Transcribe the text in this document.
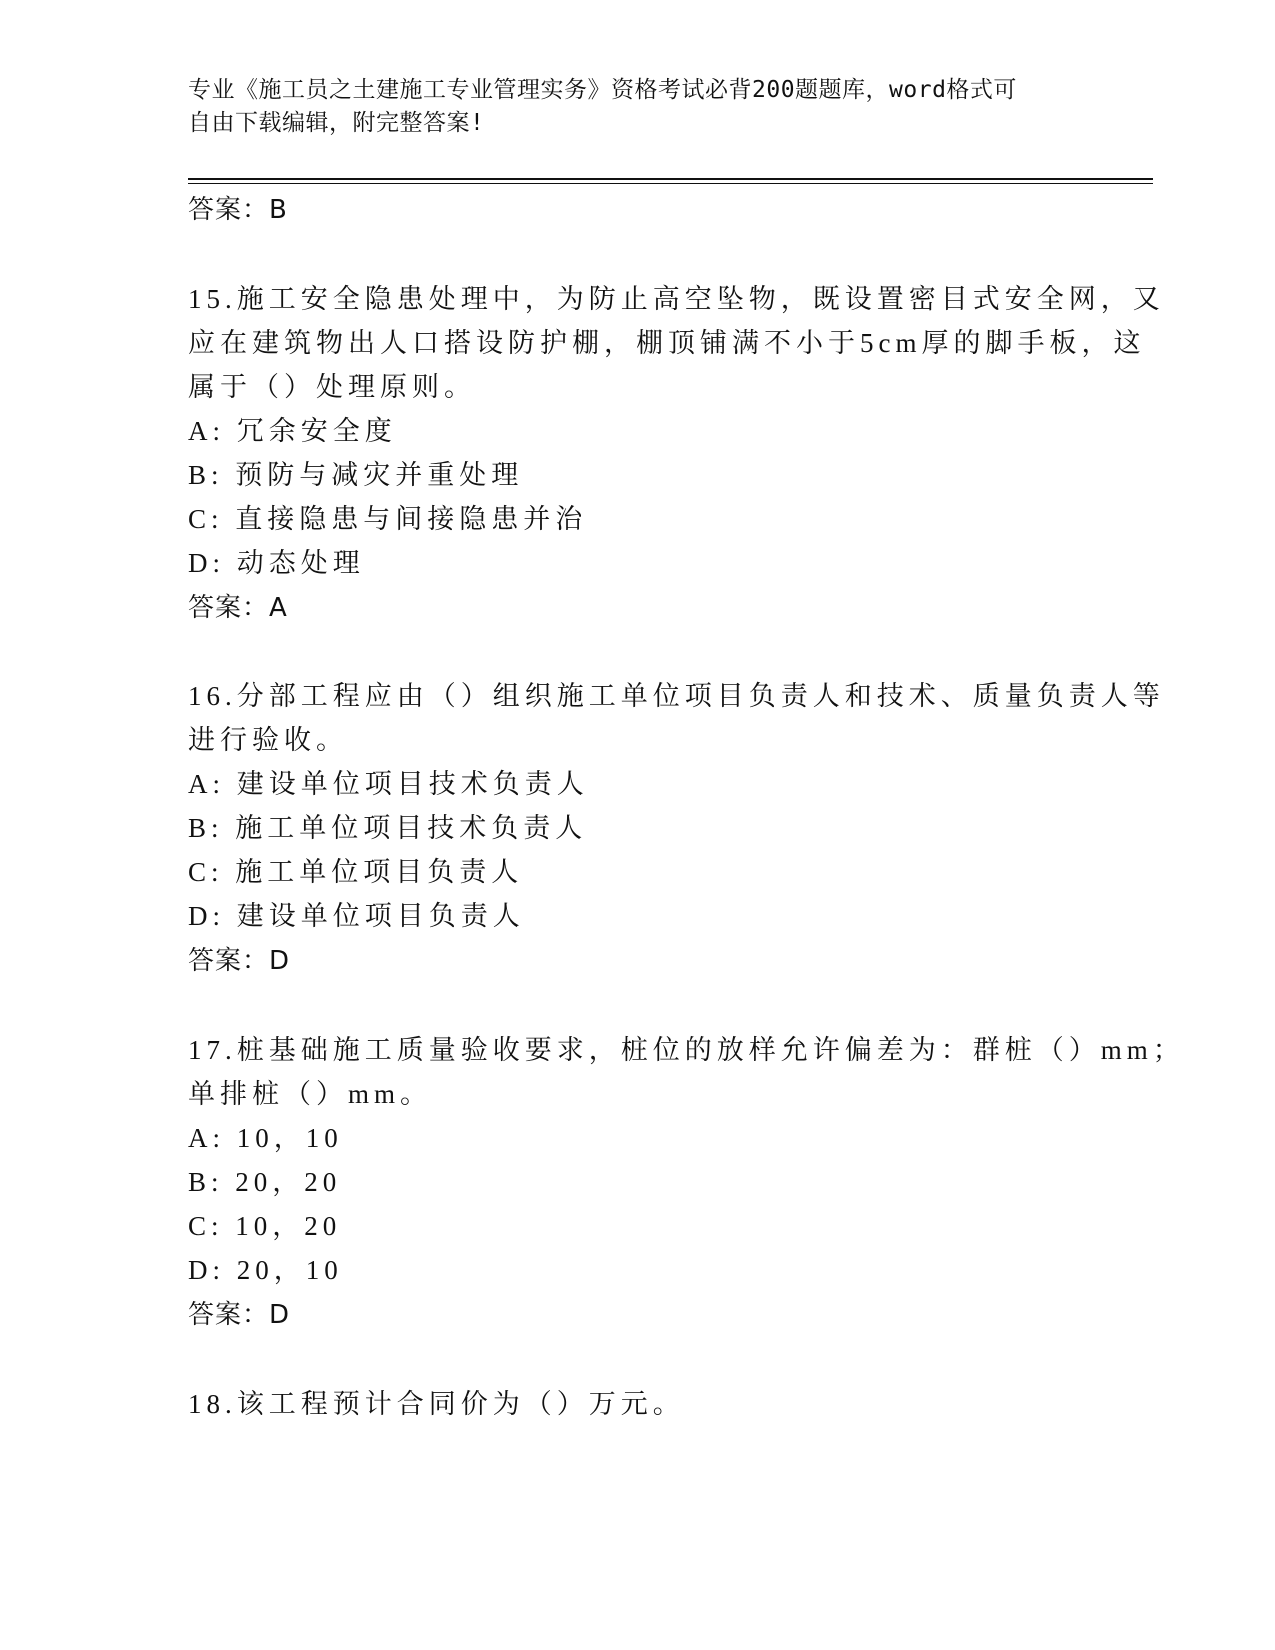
专业《施工员之土建施工专业管理实务》资格考试必背200题题库，word格式可
自由下载编辑，附完整答案!
答案：B
15.施工安全隐患处理中，为防止高空坠物，既设置密目式安全网，又
应在建筑物出人口搭设防护棚，棚顶铺满不小于5cm厚的脚手板，这
属于（）处理原则。
A: 冗余安全度
B: 预防与减灾并重处理
C: 直接隐患与间接隐患并治
D: 动态处理
答案：A
16.分部工程应由（）组织施工单位项目负责人和技术、质量负责人等
进行验收。
A: 建设单位项目技术负责人
B: 施工单位项目技术负责人
C: 施工单位项目负责人
D: 建设单位项目负责人
答案：D
17.桩基础施工质量验收要求，桩位的放样允许偏差为：群桩（）mm；
单排桩（）mm。
A: 10，10
B: 20，20
C: 10，20
D: 20，10
答案：D
18.该工程预计合同价为（）万元。
